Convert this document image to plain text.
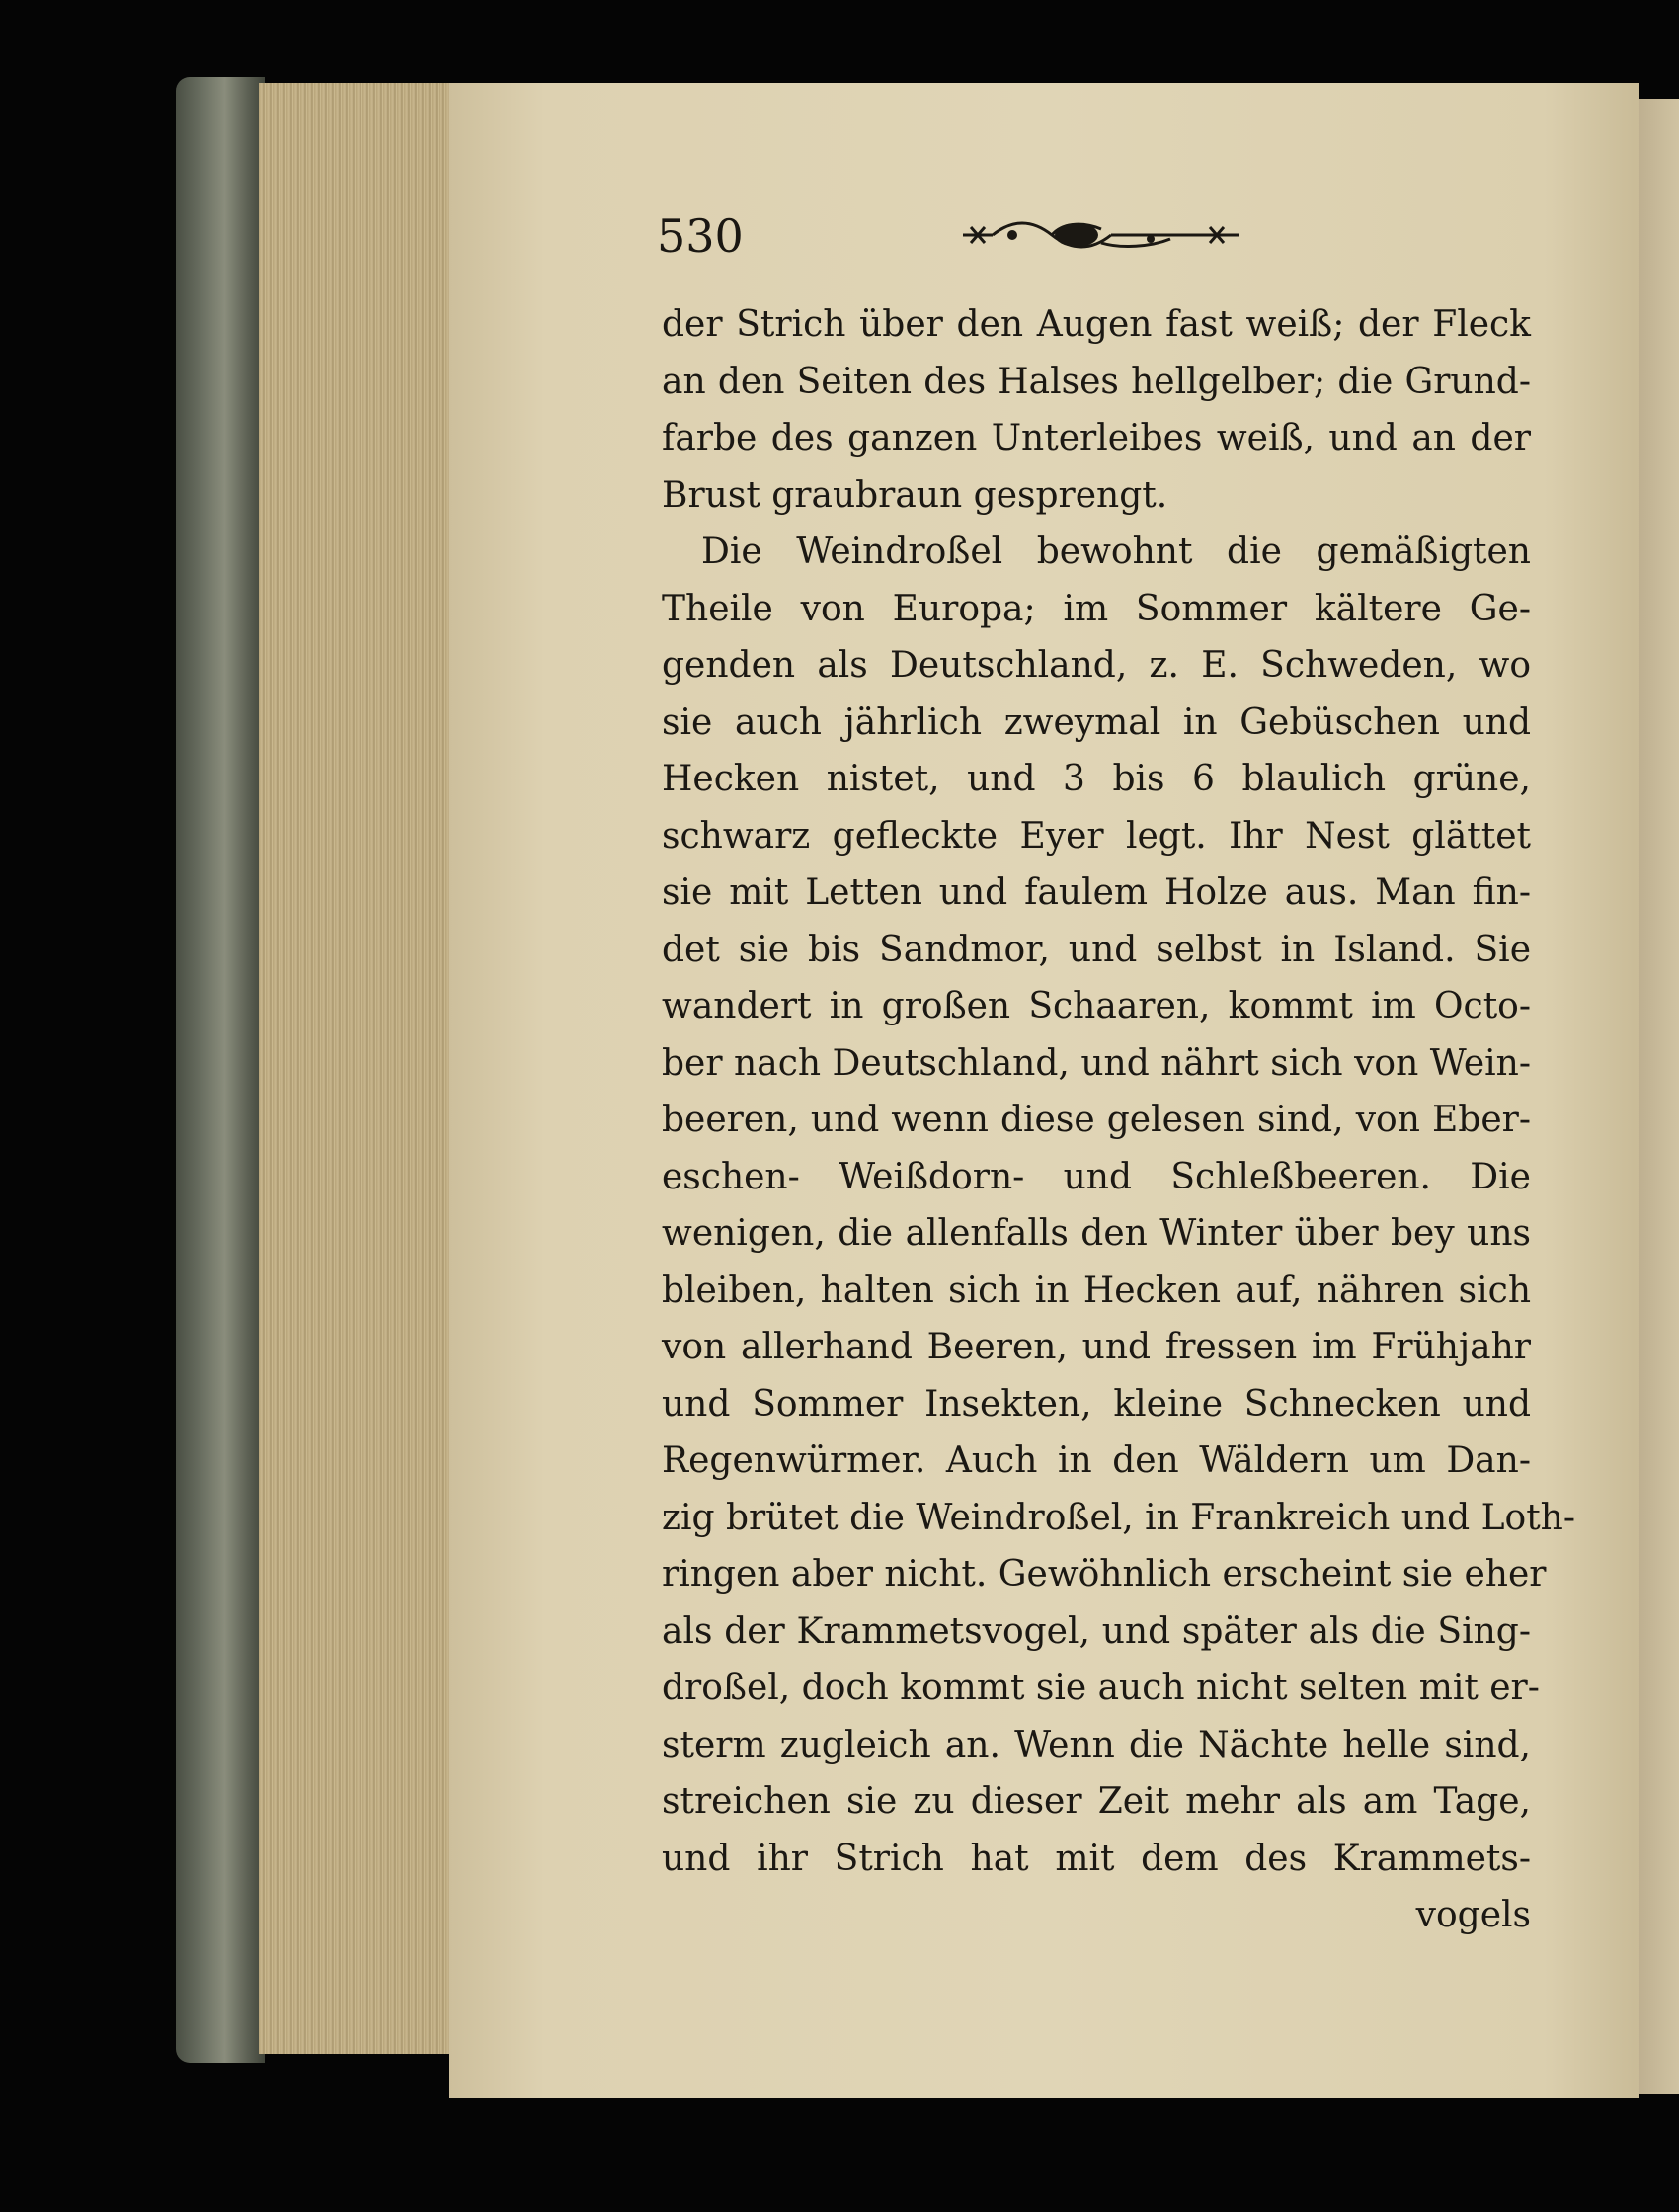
530
der Strich über den Augen fast weiß; der Fleck
an den Seiten des Halses hellgelber; die Grund-
farbe des ganzen Unterleibes weiß, und an der
Brust graubraun gesprengt.
Die Weindroßel bewohnt die gemäßigten
Theile von Europa; im Sommer kältere Ge-
genden als Deutschland, z. E. Schweden, wo
sie auch jährlich zweymal in Gebüschen und
Hecken nistet, und 3 bis 6 blaulich grüne,
schwarz gefleckte Eyer legt. Ihr Nest glättet
sie mit Letten und faulem Holze aus. Man fin-
det sie bis Sandmor, und selbst in Island. Sie
wandert in großen Schaaren, kommt im Octo-
ber nach Deutschland, und nährt sich von Wein-
beeren, und wenn diese gelesen sind, von Eber-
eschen- Weißdorn- und Schleßbeeren. Die
wenigen, die allenfalls den Winter über bey uns
bleiben, halten sich in Hecken auf, nähren sich
von allerhand Beeren, und fressen im Frühjahr
und Sommer Insekten, kleine Schnecken und
Regenwürmer. Auch in den Wäldern um Dan-
zig brütet die Weindroßel, in Frankreich und Loth-
ringen aber nicht. Gewöhnlich erscheint sie eher
als der Krammetsvogel, und später als die Sing-
droßel, doch kommt sie auch nicht selten mit er-
sterm zugleich an. Wenn die Nächte helle sind,
streichen sie zu dieser Zeit mehr als am Tage,
und ihr Strich hat mit dem des Krammets-
vogels
